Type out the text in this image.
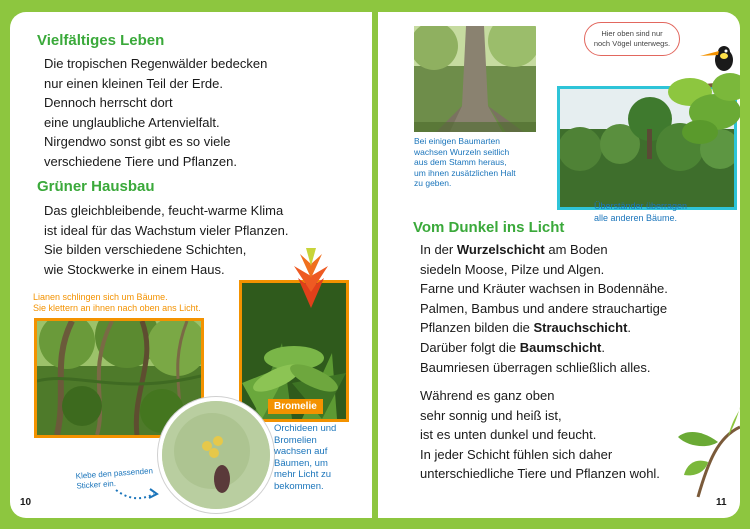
Vielfältiges Leben
Die tropischen Regenwälder bedecken
nur einen kleinen Teil der Erde.
Dennoch herrscht dort
eine unglaubliche Artenvielfalt.
Nirgendwo sonst gibt es so viele
verschiedene Tiere und Pflanzen.
Grüner Hausbau
Das gleichbleibende, feucht-warme Klima
ist ideal für das Wachstum vieler Pflanzen.
Sie bilden verschiedene Schichten,
wie Stockwerke in einem Haus.
Lianen schlingen sich um Bäume.
Sie klettern an ihnen nach oben ans Licht.
Bromelie
Orchideen und
Bromelien
wachsen auf
Bäumen, um
mehr Licht zu
bekommen.
Klebe den passenden
Sticker ein.
10
Bei einigen Baumarten
wachsen Wurzeln seitlich
aus dem Stamm heraus,
um ihnen zusätzlichen Halt
zu geben.
Hier oben sind nur
noch Vögel unterwegs.
Überständer überragen
alle anderen Bäume.
Vom Dunkel ins Licht
In der Wurzelschicht am Boden
siedeln Moose, Pilze und Algen.
Farne und Kräuter wachsen in Bodennähe.
Palmen, Bambus und andere strauchartige
Pflanzen bilden die Strauchschicht.
Darüber folgt die Baumschicht.
Baumriesen überragen schließlich alles.
Während es ganz oben
sehr sonnig und heiß ist,
ist es unten dunkel und feucht.
In jeder Schicht fühlen sich daher
unterschiedliche Tiere und Pflanzen wohl.
11
